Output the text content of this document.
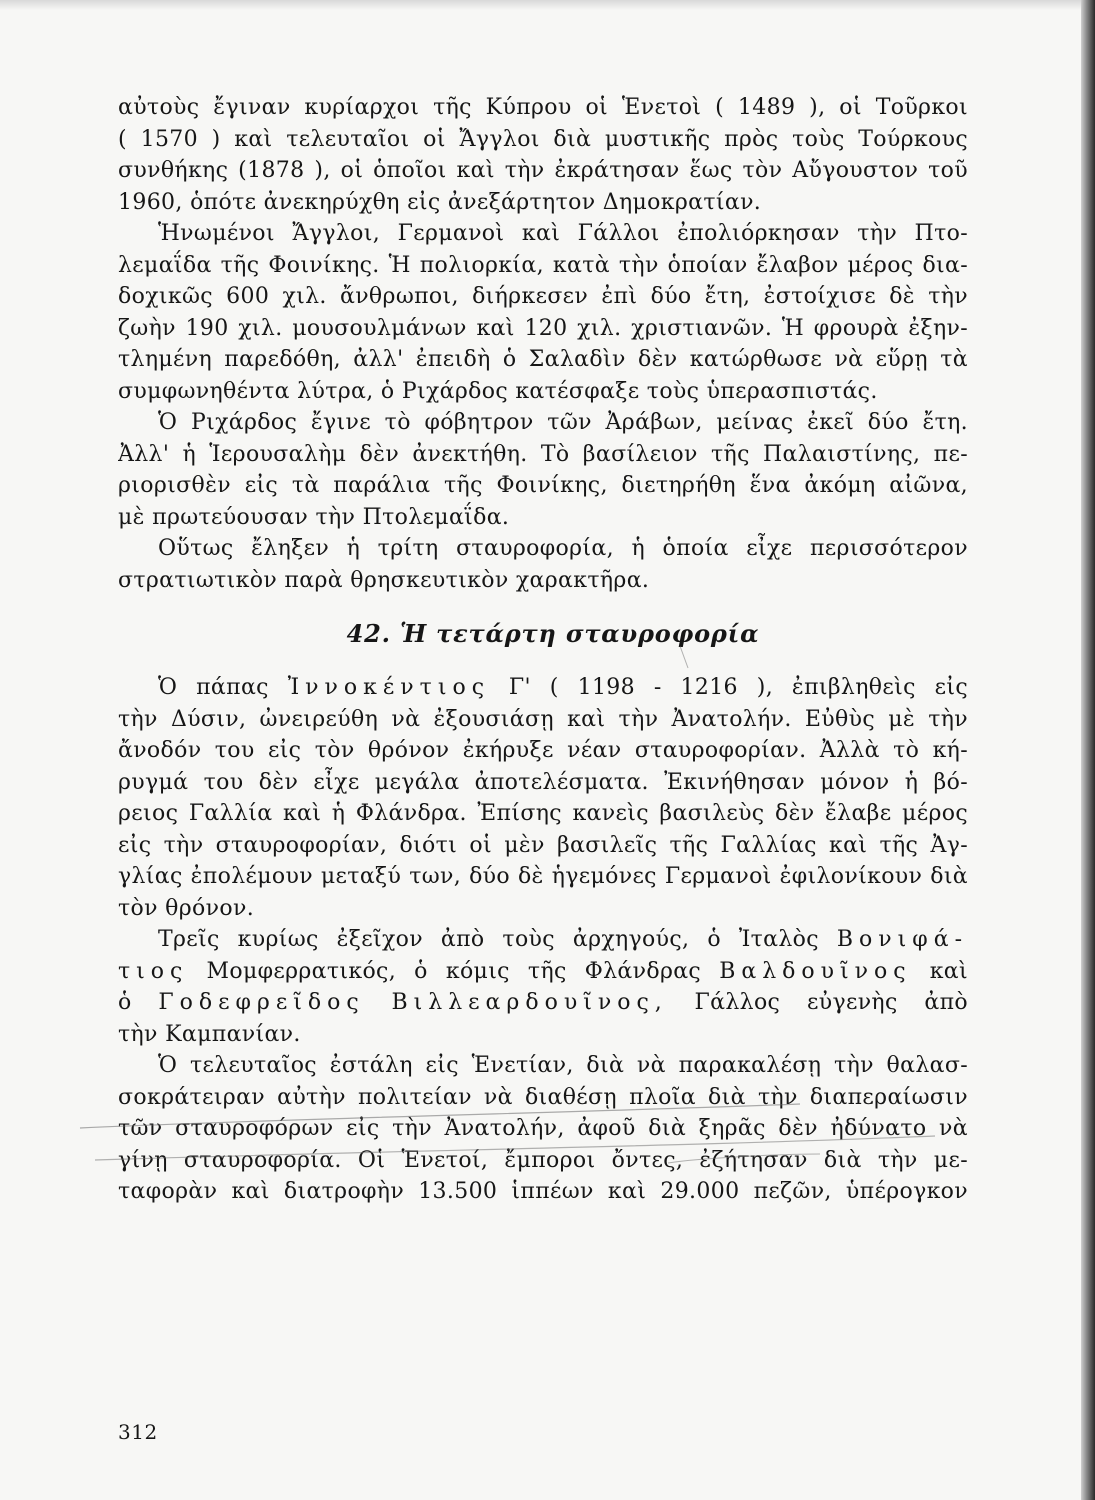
αὐτοὺς ἔγιναν κυρίαρχοι τῆς Κύπρου οἱ Ἑνετοὶ ( 1489 ), οἱ Τοῦρκοι
( 1570 ) καὶ τελευταῖοι οἱ Ἄγγλοι διὰ μυστικῆς πρὸς τοὺς Τούρκους
συνθήκης (1878 ), οἱ ὁποῖοι καὶ τὴν ἐκράτησαν ἕως τὸν Αὔγουστον τοῦ
1960, ὁπότε ἀνεκηρύχθη εἰς ἀνεξάρτητον Δημοκρατίαν.
Ἡνωμένοι Ἄγγλοι, Γερμανοὶ καὶ Γάλλοι ἐπολιόρκησαν τὴν Πτο-
λεμαΐδα τῆς Φοινίκης. Ἡ πολιορκία, κατὰ τὴν ὁποίαν ἔλαβον μέρος δια-
δοχικῶς 600 χιλ. ἄνθρωποι, διήρκεσεν ἐπὶ δύο ἔτη, ἐστοίχισε δὲ τὴν
ζωὴν 190 χιλ. μουσουλμάνων καὶ 120 χιλ. χριστιανῶν. Ἡ φρουρὰ ἐξην-
τλημένη παρεδόθη, ἀλλ' ἐπειδὴ ὁ Σαλαδὶν δὲν κατώρθωσε νὰ εὕρῃ τὰ
συμφωνηθέντα λύτρα, ὁ Ριχάρδος κατέσφαξε τοὺς ὑπερασπιστάς.
Ὁ Ριχάρδος ἔγινε τὸ φόβητρον τῶν Ἀράβων, μείνας ἐκεῖ δύο ἔτη.
Ἀλλ' ἡ Ἱερουσαλὴμ δὲν ἀνεκτήθη. Τὸ βασίλειον τῆς Παλαιστίνης, πε-
ριορισθὲν εἰς τὰ παράλια τῆς Φοινίκης, διετηρήθη ἕνα ἀκόμη αἰῶνα,
μὲ πρωτεύουσαν τὴν Πτολεμαΐδα.
Οὕτως ἔληξεν ἡ τρίτη σταυροφορία, ἡ ὁποία εἶχε περισσότερον
στρατιωτικὸν παρὰ θρησκευτικὸν χαρακτῆρα.
42. Ἡ τετάρτη σταυροφορία
Ὁ πάπας Ἰννοκέντιος Γ' ( 1198 - 1216 ), ἐπιβληθεὶς εἰς
τὴν Δύσιν, ὠνειρεύθη νὰ ἐξουσιάσῃ καὶ τὴν Ἀνατολήν. Εὐθὺς μὲ τὴν
ἄνοδόν του εἰς τὸν θρόνον ἐκήρυξε νέαν σταυροφορίαν. Ἀλλὰ τὸ κή-
ρυγμά του δὲν εἶχε μεγάλα ἀποτελέσματα. Ἐκινήθησαν μόνον ἡ βό-
ρειος Γαλλία καὶ ἡ Φλάνδρα. Ἐπίσης κανεὶς βασιλεὺς δὲν ἔλαβε μέρος
εἰς τὴν σταυροφορίαν, διότι οἱ μὲν βασιλεῖς τῆς Γαλλίας καὶ τῆς Ἀγ-
γλίας ἐπολέμουν μεταξύ των, δύο δὲ ἡγεμόνες Γερμανοὶ ἐφιλονίκουν διὰ
τὸν θρόνον.
Τρεῖς κυρίως ἐξεῖχον ἀπὸ τοὺς ἀρχηγούς, ὁ Ἰταλὸς Βονιφά-
τιος Μομφερρατικός, ὁ κόμις τῆς Φλάνδρας Βαλδουῖνος καὶ
ὁ Γοδεφρεῖδος Βιλλεαρδουῖνος, Γάλλος εὐγενὴς ἀπὸ
τὴν Καμπανίαν.
Ὁ τελευταῖος ἐστάλη εἰς Ἑνετίαν, διὰ νὰ παρακαλέσῃ τὴν θαλασ-
σοκράτειραν αὐτὴν πολιτείαν νὰ διαθέσῃ πλοῖα διὰ τὴν διαπεραίωσιν
τῶν σταυροφόρων εἰς τὴν Ἀνατολήν, ἀφοῦ διὰ ξηρᾶς δὲν ἠδύνατο νὰ
γίνῃ σταυροφορία. Οἱ Ἑνετοί, ἔμποροι ὄντες, ἐζήτησαν διὰ τὴν με-
ταφορὰν καὶ διατροφὴν 13.500 ἱππέων καὶ 29.000 πεζῶν, ὑπέρογκον
312
